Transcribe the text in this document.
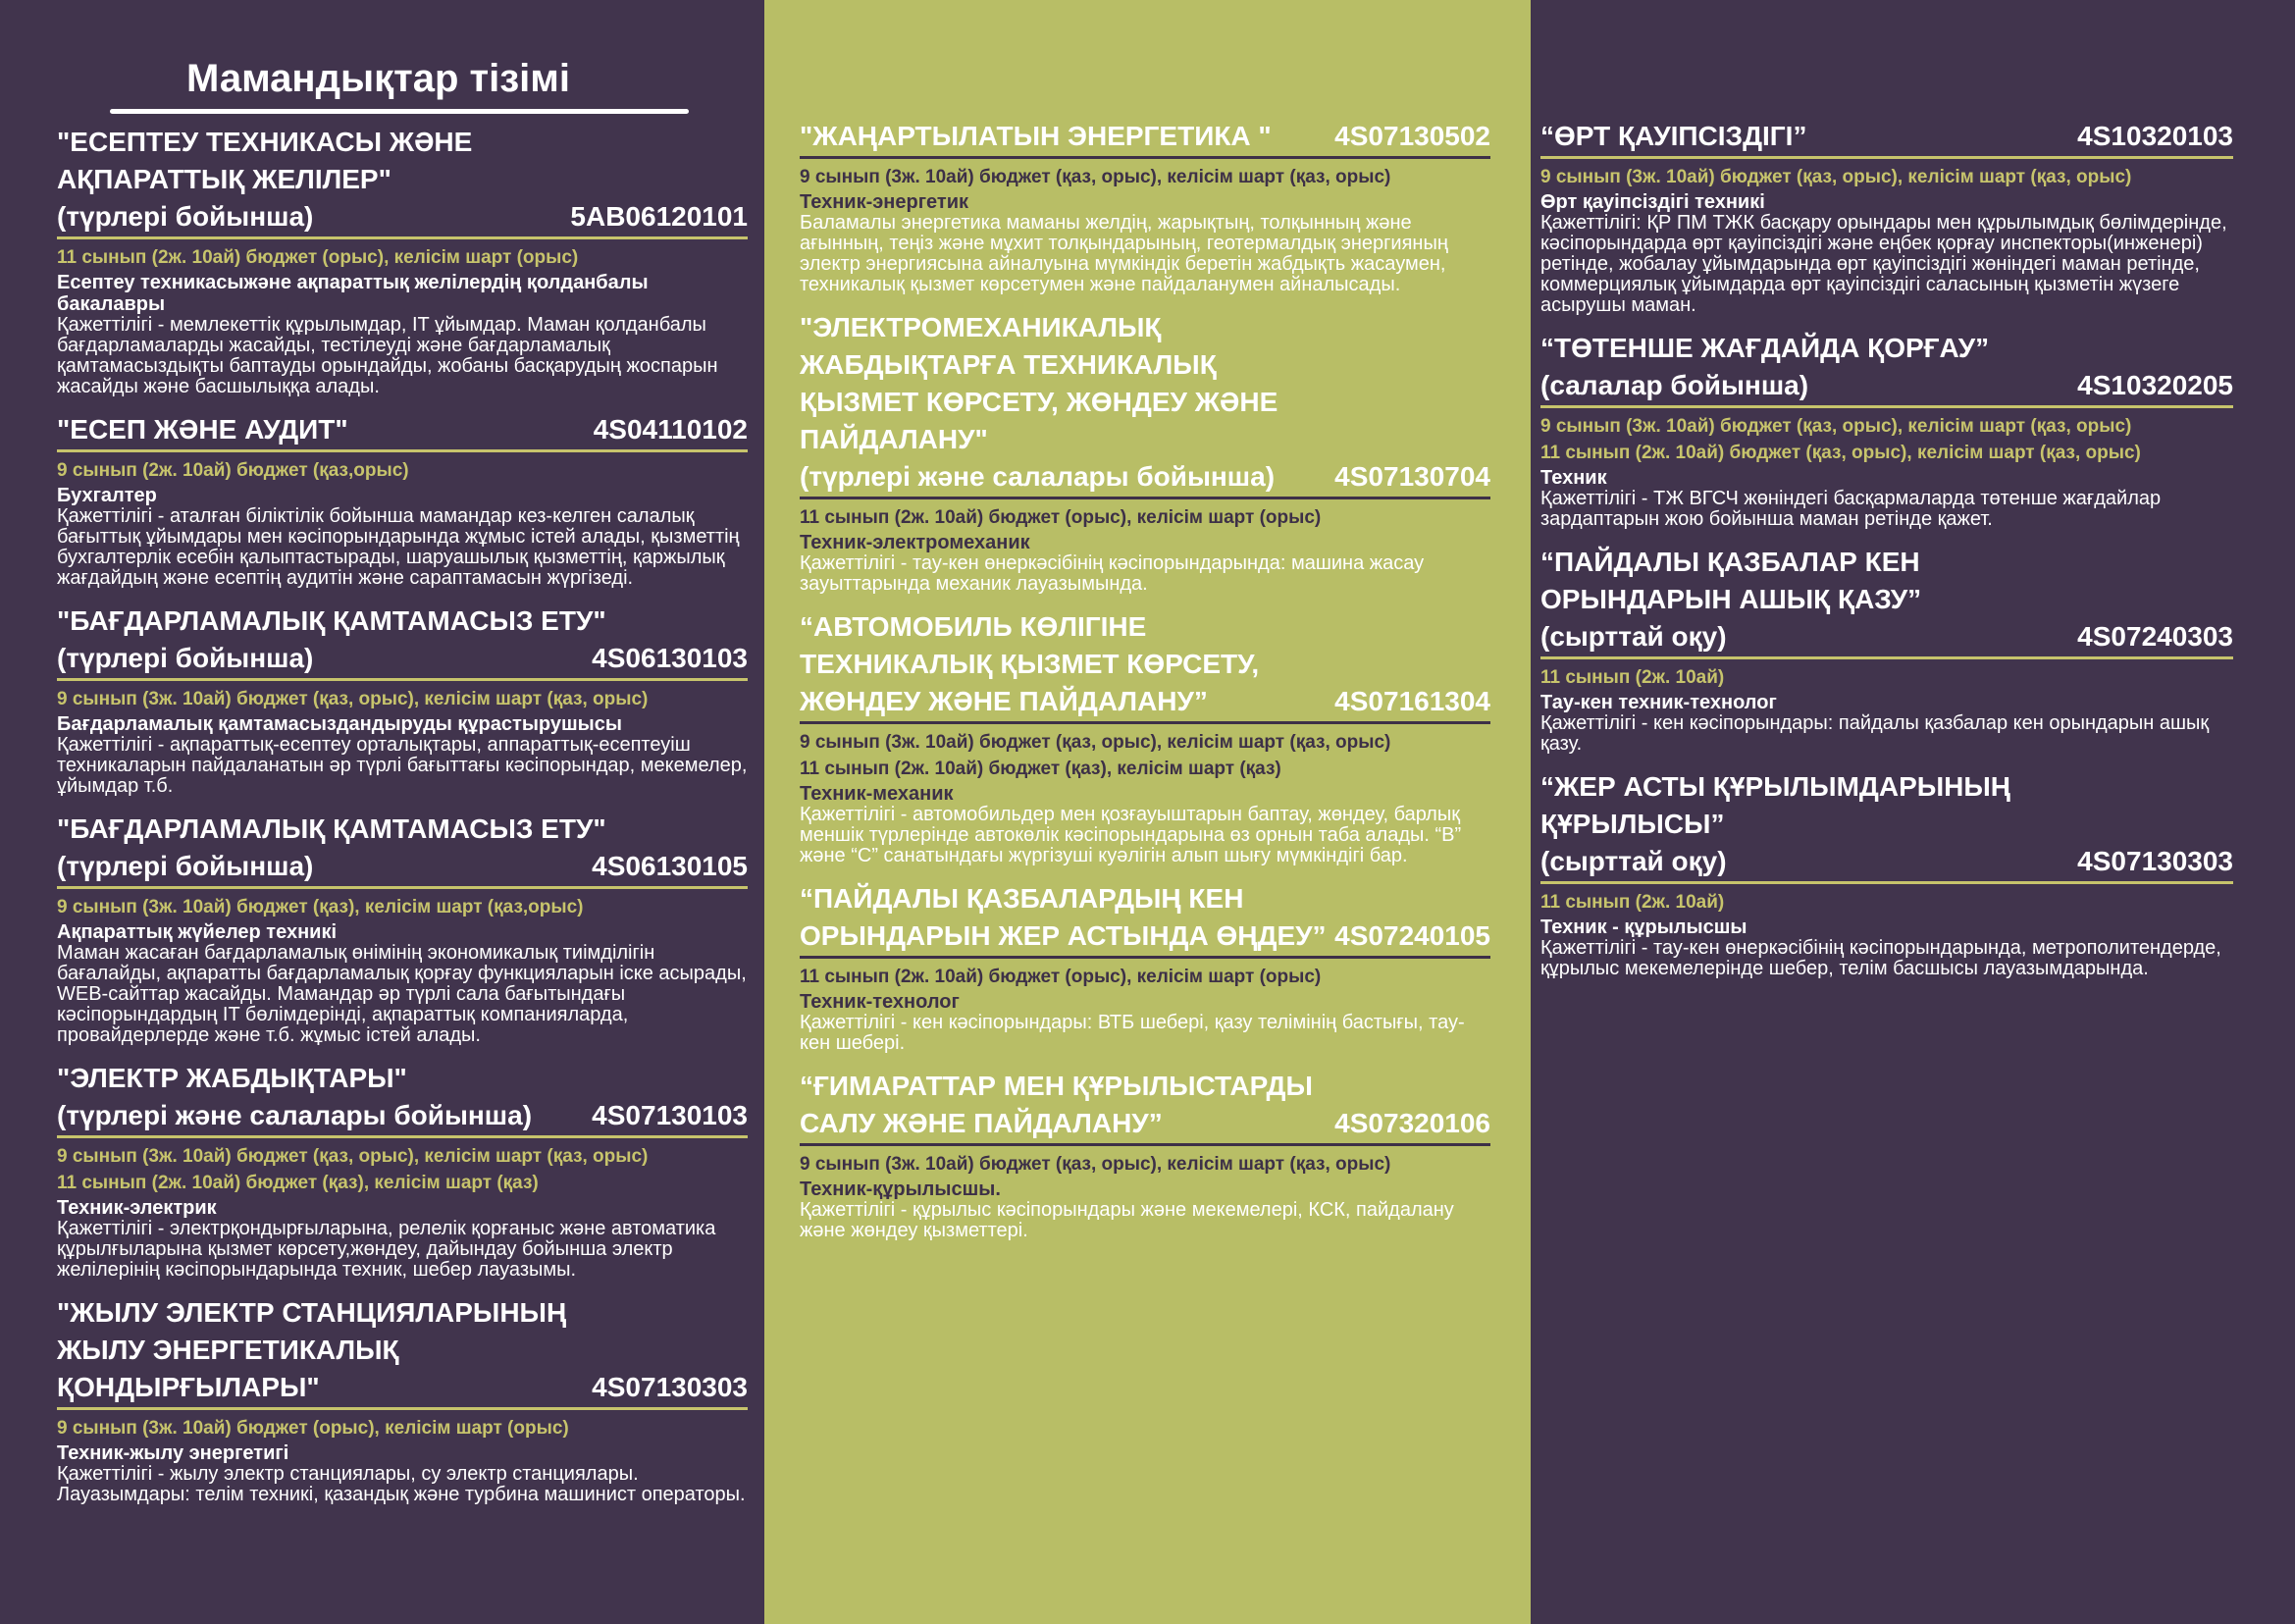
Мамандықтар тізімі
"ЕСЕПТЕУ ТЕХНИКАСЫ ЖӘНЕ
АҚПАРАТТЫҚ ЖЕЛІЛЕР"
(түрлері бойынша)	5АВ06120101
11 сынып (2ж. 10ай) бюджет (орыс), келісім шарт (орыс)
Есептеу техникасыжәне ақпараттық желілердің қолданбалы бакалавры
Қажеттілігі - мемлекеттік құрылымдар, IT ұйымдар. Маман қолданбалы бағдарламаларды жасайды, тестілеуді және бағдарламалық қамтамасыздықты баптауды орындайды, жобаны басқарудың жоспарын жасайды және басшылыққа алады.
"ЕСЕП ЖӘНЕ АУДИТ"	4S04110102
9 сынып (2ж. 10ай) бюджет (қаз,орыс)
Бухгалтер
Қажеттілігі - аталған біліктілік бойынша мамандар кез-келген салалық бағыттық ұйымдары мен кәсіпорындарында жұмыс істей алады, қызметтің бухгалтерлік есебін қалыптастырады, шаруашылық қызметтің, қаржылық жағдайдың және есептің аудитін және сараптамасын жүргізеді.
"БАҒДАРЛАМАЛЫҚ ҚАМТАМАСЫЗ ЕТУ"
(түрлері бойынша)	4S06130103
9 сынып (3ж. 10ай) бюджет (қаз, орыс), келісім шарт (қаз, орыс)
Бағдарламалық қамтамасыздандыруды құрастырушысы
Қажеттілігі - ақпараттық-есептеу орталықтары, аппараттық-есептеуіш техникаларын пайдаланатын әр түрлі бағыттағы кәсіпорындар, мекемелер, ұйымдар т.б.
"БАҒДАРЛАМАЛЫҚ ҚАМТАМАСЫЗ ЕТУ"
(түрлері бойынша)	4S06130105
9 сынып (3ж. 10ай) бюджет (қаз), келісім шарт (қаз,орыс)
Ақпараттық жүйелер техникі
Маман жасаған бағдарламалық өнімінің экономикалық тиімділігін бағалайды, ақпаратты бағдарламалық қорғау функцияларын іске асырады, WEB-сайттар жасайды. Мамандар әр түрлі сала бағытындағы кәсіпорындардың IT бөлімдерінді, ақпараттық компанияларда, провайдерлерде және т.б. жұмыс істей алады.
"ЭЛЕКТР ЖАБДЫҚТАРЫ"
(түрлері және салалары бойынша) 4S07130103
9 сынып (3ж. 10ай) бюджет (қаз, орыс), келісім шарт (қаз, орыс)
11 сынып (2ж. 10ай) бюджет (қаз), келісім шарт (қаз)
Техник-электрик
Қажеттілігі - электрқондырғыларына, релелік қорғаныс және автоматика құрылғыларына қызмет көрсету,жөндеу, дайындау бойынша электр желілерінің кәсіпорындарында техник, шебер лауазымы.
"ЖЫЛУ ЭЛЕКТР СТАНЦИЯЛАРЫНЫҢ
ЖЫЛУ ЭНЕРГЕТИКАЛЫҚ
ҚОНДЫРҒЫЛАРЫ"	4S07130303
9 сынып (3ж. 10ай) бюджет (орыс), келісім шарт (орыс)
Техник-жылу энергетигі
Қажеттілігі - жылу электр станциялары, су электр станциялары. Лауазымдары: телім техникі, қазандық және турбина машинист операторы.
"ЖАҢАРТЫЛАТЫН ЭНЕРГЕТИКА " 4S07130502
9 сынып (3ж. 10ай) бюджет (қаз, орыс), келісім шарт (қаз, орыс)
Техник-энергетик
Баламалы энергетика маманы желдің, жарықтың, толқынның және ағынның, теңіз және мұхит толқындарының, геотермалдық энергияның электр энергиясына айналуына мүмкіндік беретін жабдықть жасаумен, техникалық қызмет көрсетумен және пайдаланумен айналысады.
"ЭЛЕКТРОМЕХАНИКАЛЫҚ
ЖАБДЫҚТАРҒА ТЕХНИКАЛЫҚ
ҚЫЗМЕТ КӨРСЕТУ, ЖӨНДЕУ ЖӘНЕ
ПАЙДАЛАНУ"
(түрлері және салалары бойынша) 4S07130704
11 сынып (2ж. 10ай) бюджет (орыс), келісім шарт (орыс)
Техник-электромеханик
Қажеттілігі - тау-кен өнеркәсібінің кәсіпорындарында: машина жасау зауыттарында механик лауазымында.
“АВТОМОБИЛЬ КӨЛІГІНЕ
ТЕХНИКАЛЫҚ ҚЫЗМЕТ КӨРСЕТУ,
ЖӨНДЕУ ЖӘНЕ ПАЙДАЛАНУ”	4S07161304
9 сынып (3ж. 10ай) бюджет (қаз, орыс), келісім шарт (қаз, орыс)
11 сынып (2ж. 10ай) бюджет (қаз), келісім шарт (қаз)
Техник-механик
Қажеттілігі - автомобильдер мен қозғауыштарын баптау, жөндеу, барлық меншік түрлерінде автокөлік кәсіпорындарына өз орнын таба алады. “B” және “C” санатындағы жүргізуші куәлігін алып шығу мүмкіндігі бар.
“ПАЙДАЛЫ ҚАЗБАЛАРДЫҢ КЕН
ОРЫНДАРЫН ЖЕР АСТЫНДА ӨҢДЕУ” 4S07240105
11 сынып (2ж. 10ай) бюджет (орыс), келісім шарт (орыс)
Техник-технолог
Қажеттілігі - кен кәсіпорындары: ВТБ шебері, қазу телімінің бастығы, тау-кен шебері.
“ҒИМАРАТТАР МЕН ҚҰРЫЛЫСТАРДЫ
САЛУ ЖӘНЕ ПАЙДАЛАНУ”	4S07320106
9 сынып (3ж. 10ай) бюджет (қаз, орыс), келісім шарт (қаз, орыс)
Техник-құрылысшы.
Қажеттілігі - құрылыс кәсіпорындары және мекемелері, КСК, пайдалану және жөндеу қызметтері.
“ӨРТ ҚАУІПСІЗДІГІ”	4S10320103
9 сынып (3ж. 10ай) бюджет (қаз, орыс), келісім шарт (қаз, орыс)
Өрт қауіпсіздігі техникі
Қажеттілігі: ҚР ПМ ТЖК басқару орындары мен құрылымдық бөлімдерінде, кәсіпорындарда өрт қауіпсіздігі және еңбек қорғау инспекторы(инженері) ретінде, жобалау ұйымдарында өрт қауіпсіздігі жөніндегі маман ретінде, коммерциялық ұйымдарда өрт қауіпсіздігі саласының қызметін жүзеге асырушы маман.
“ТӨТЕНШЕ ЖАҒДАЙДА ҚОРҒАУ”
(салалар бойынша)	4S10320205
9 сынып (3ж. 10ай) бюджет (қаз, орыс), келісім шарт (қаз, орыс)
11 сынып (2ж. 10ай) бюджет (қаз, орыс), келісім шарт (қаз, орыс)
Техник
Қажеттілігі - ТЖ ВГСЧ жөніндегі басқармаларда төтенше жағдайлар зардаптарын жою бойынша маман ретінде қажет.
“ПАЙДАЛЫ ҚАЗБАЛАР КЕН
ОРЫНДАРЫН АШЫҚ ҚАЗУ”
(сырттай оқу)	4S07240303
11 сынып (2ж. 10ай)
Тау-кен техник-технолог
Қажеттілігі - кен кәсіпорындары: пайдалы қазбалар кен орындарын ашық қазу.
“ЖЕР АСТЫ ҚҰРЫЛЫМДАРЫНЫҢ
ҚҰРЫЛЫСЫ”
(сырттай оқу)	4S07130303
11 сынып (2ж. 10ай)
Техник - құрылысшы
Қажеттілігі - тау-кен өнеркәсібінің кәсіпорындарында, метрополитендерде, құрылыс мекемелерінде шебер, телім басшысы лауазымдарында.
